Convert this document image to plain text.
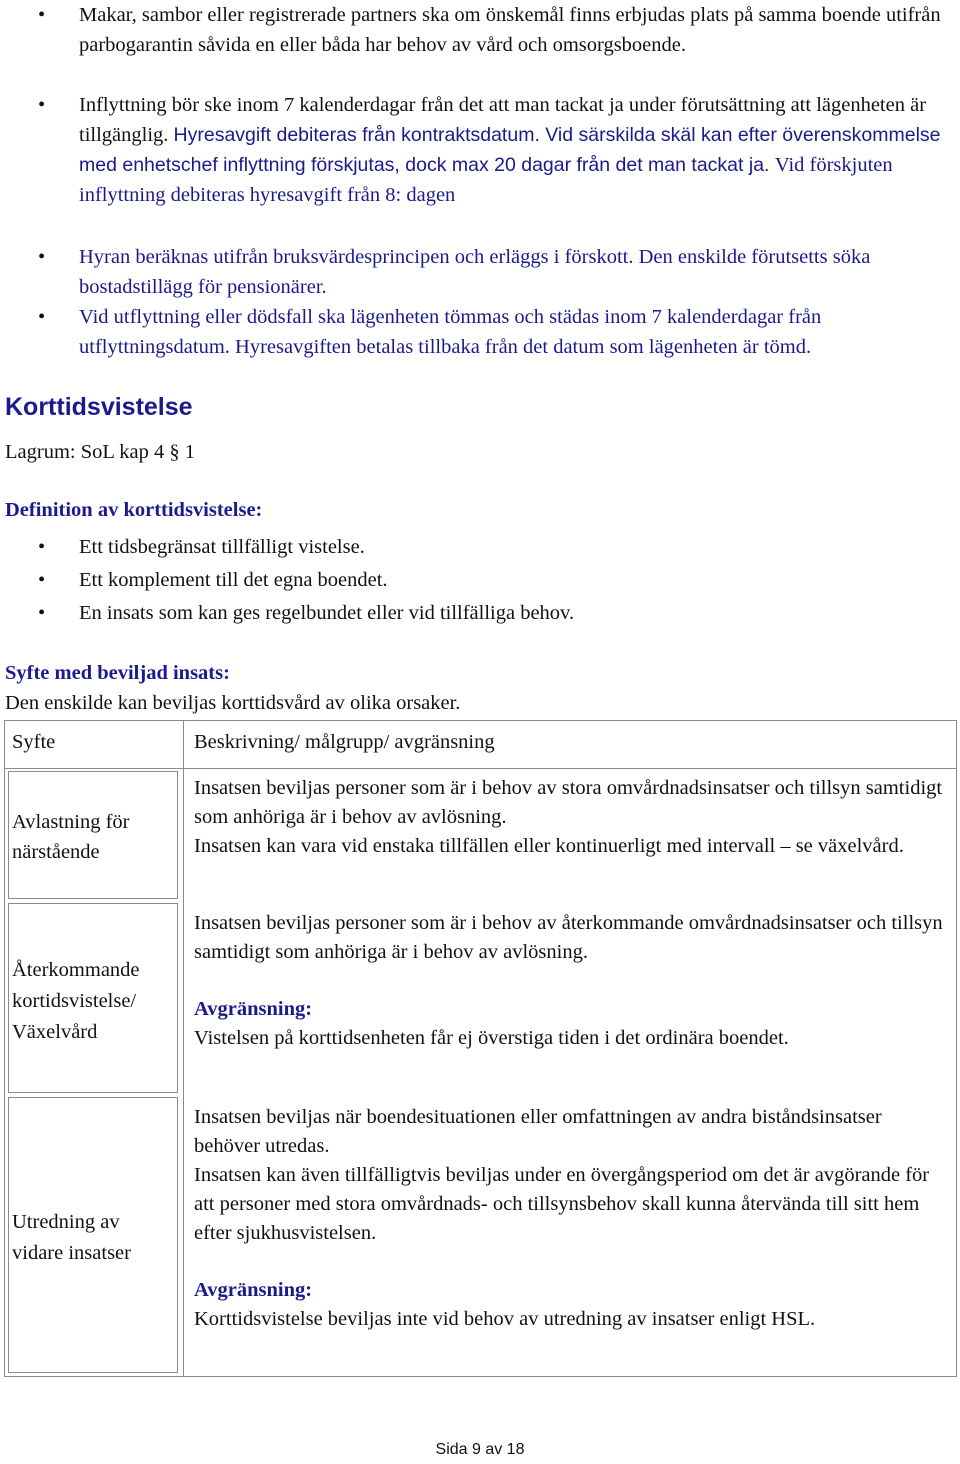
• Makar, sambor eller registrerade partners ska om önskemål finns erbjudas plats på samma boende utifrån parbogarantin såvida en eller båda har behov av vård och omsorgsboende.

• Inflyttning bör ske inom 7 kalenderdagar från det att man tackat ja under förutsättning att lägenheten är tillgänglig. Hyresavgift debiteras från kontraktsdatum. Vid särskilda skäl kan efter överenskommelse med enhetschef inflyttning förskjutas, dock max 20 dagar från det man tackat ja. Vid förskjuten inflyttning debiteras hyresavgift från 8: dagen

• Hyran beräknas utifrån bruksvärdesprincipen och erläggs i förskott. Den enskilde förutsetts söka bostadstillägg för pensionärer.

• Vid utflyttning eller dödsfall ska lägenheten tömmas och städas inom 7 kalenderdagar från utflyttningsdatum. Hyresavgiften betalas tillbaka från det datum som lägenheten är tömd.

Korttidsvistelse
Lagrum: SoL kap 4 § 1
Definition av korttidsvistelse:
• Ett tidsbegränsat tillfälligt vistelse.
• Ett komplement till det egna boendet.
• En insats som kan ges regelbundet eller vid tillfälliga behov.
Syfte med beviljad insats:
Den enskilde kan beviljas korttidsvård av olika orsaker.
Syfte	Beskrivning/ målgrupp/ avgränsning
Avlastning för närstående
Insatsen beviljas personer som är i behov av stora omvårdnadsinsatser och tillsyn samtidigt som anhöriga är i behov av avlösning.
Insatsen kan vara vid enstaka tillfällen eller kontinuerligt med intervall – se växelvård.
Återkommande kortidsvistelse/ Växelvård
Insatsen beviljas personer som är i behov av återkommande omvårdnadsinsatser och tillsyn samtidigt som anhöriga är i behov av avlösning.
Avgränsning:
Vistelsen på korttidsenheten får ej överstiga tiden i det ordinära boendet.
Utredning av vidare insatser
Insatsen beviljas när boendesituationen eller omfattningen av andra biståndsinsatser behöver utredas.
Insatsen kan även tillfälligtvis beviljas under en övergångsperiod om det är avgörande för att personer med stora omvårdnads- och tillsynsbehov skall kunna återvända till sitt hem efter sjukhusvistelsen.
Avgränsning:
Korttidsvistelse beviljas inte vid behov av utredning av insatser enligt HSL.
Sida 9 av 18
